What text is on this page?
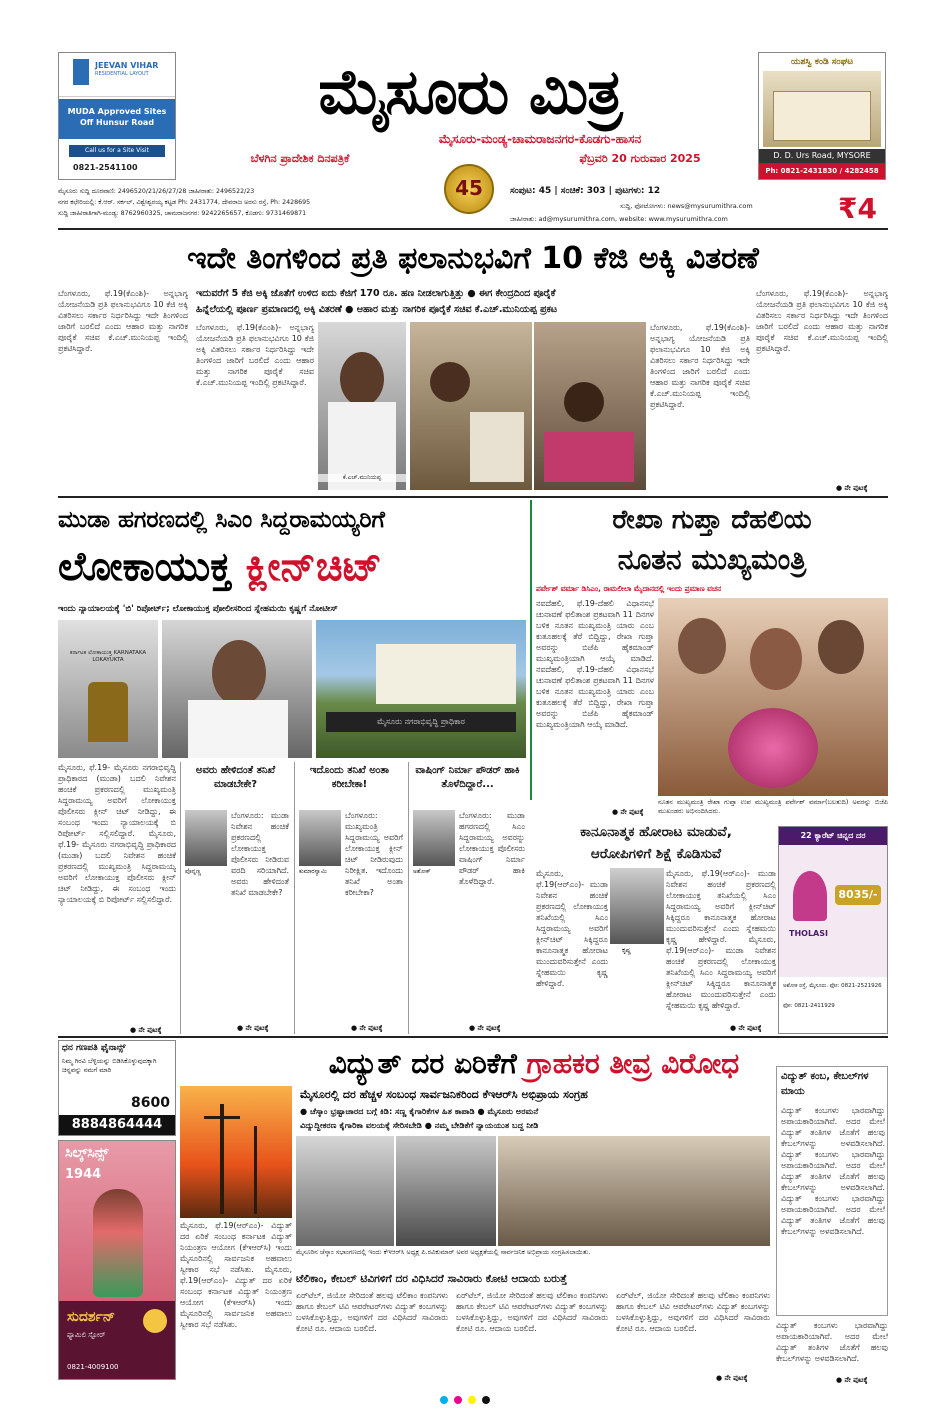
JEEVAN VIHAR
RESIDENTIAL LAYOUT
MUDA Approved Sites
Off Hunsur Road
Call us for a Site Visit
0821-2541100
ಮೈಸೂರು ಮಿತ್ರ
ಮೈಸೂರು-ಮಂಡ್ಯ-ಚಾಮರಾಜನಗರ-ಕೊಡಗು-ಹಾಸನ
ಬೆಳಗಿನ ಪ್ರಾದೇಶಿಕ ದಿನಪತ್ರಿಕೆ	ಫೆಬ್ರವರಿ 20 ಗುರುವಾರ 2025
45
ಯಶಸ್ವಿ ಕಂಡಿ ಸಂಘಟ
D. D. Urs Road, MYSORE
Ph: 0821-2431830 / 4282458
ಮೈಸೂರು ಸುದ್ದಿ ದೂರವಾಣಿ: 2496520/21/26/27/28 ಜಾಹೀರಾತು: 2496522/23
ನಗರ ಕಛೇರಿಯಲ್ಲಿ: ಕೆ.ಆರ್. ಸರ್ಕಲ್, ವಿಶ್ವೇಶ್ವರಯ್ಯ ಕಟ್ಟಡ Ph: 2431774, ದೇವರಾಜ ಅರಸು ರಸ್ತೆ, Ph: 2428695
ಸುದ್ದಿ ಜಾಹೀರಾತಿಗಾಗಿ-ಮಂಡ್ಯ: 8762960325, ಚಾಮರಾಜನಗರ: 9242265657, ಕೊಡಗು: 9731469871
ಸಂಪುಟ: 45 | ಸಂಚಿಕೆ: 303 | ಪುಟಗಳು: 12
ಸುದ್ದಿ, ಫೋಟೋಗಳು: news@mysurumithra.com
ಜಾಹೀರಾತು: ad@mysurumithra.com, website: www.mysurumithra.com	₹4
ಇದೇ ತಿಂಗಳಿಂದ ಪ್ರತಿ ಫಲಾನುಭವಿಗೆ 10 ಕೆಜಿ ಅಕ್ಕಿ ವಿತರಣೆ
ಇದುವರೆಗೆ 5 ಕೆಜಿ ಅಕ್ಕಿ ಜೊತೆಗೆ ಉಳಿದ ಐದು ಕೆಜಿಗೆ 170 ರೂ. ಹಣ ನೀಡಲಾಗುತ್ತಿತ್ತು ● ಈಗ ಕೇಂದ್ರದಿಂದ ಪೂರೈಕೆ
ಹಿನ್ನೆಲೆಯಲ್ಲಿ ಪೂರ್ಣ ಪ್ರಮಾಣದಲ್ಲಿ ಅಕ್ಕಿ ವಿತರಣೆ ● ಆಹಾರ ಮತ್ತು ನಾಗರಿಕ ಪೂರೈಕೆ ಸಚಿವ ಕೆ.ಎಚ್.ಮುನಿಯಪ್ಪ ಪ್ರಕಟ
ಬೆಂಗಳೂರು, ಫೆ.19(ಕೆಎಂಶಿ)- ಅನ್ನಭಾಗ್ಯ ಯೋಜನೆಯಡಿ ಪ್ರತಿ ಫಲಾನುಭವಿಗೂ 10 ಕೆಜಿ ಅಕ್ಕಿ ವಿತರಿಸಲು ಸರ್ಕಾರ ನಿರ್ಧರಿಸಿದ್ದು ಇದೇ ತಿಂಗಳಿಂದ ಜಾರಿಗೆ ಬರಲಿದೆ ಎಂದು ಆಹಾರ ಮತ್ತು ನಾಗರಿಕ ಪೂರೈಕೆ ಸಚಿವ ಕೆ.ಎಚ್.ಮುನಿಯಪ್ಪ ಇಂದಿಲ್ಲಿ ಪ್ರಕಟಿಸಿದ್ದಾರೆ.
ಬೆಂಗಳೂರು, ಫೆ.19(ಕೆಎಂಶಿ)- ಅನ್ನಭಾಗ್ಯ ಯೋಜನೆಯಡಿ ಪ್ರತಿ ಫಲಾನುಭವಿಗೂ 10 ಕೆಜಿ ಅಕ್ಕಿ ವಿತರಿಸಲು ಸರ್ಕಾರ ನಿರ್ಧರಿಸಿದ್ದು ಇದೇ ತಿಂಗಳಿಂದ ಜಾರಿಗೆ ಬರಲಿದೆ ಎಂದು ಆಹಾರ ಮತ್ತು ನಾಗರಿಕ ಪೂರೈಕೆ ಸಚಿವ ಕೆ.ಎಚ್.ಮುನಿಯಪ್ಪ ಇಂದಿಲ್ಲಿ ಪ್ರಕಟಿಸಿದ್ದಾರೆ.
ಕೆ.ಎಚ್.ಮುನಿಯಪ್ಪ
ಬೆಂಗಳೂರು, ಫೆ.19(ಕೆಎಂಶಿ)- ಅನ್ನಭಾಗ್ಯ ಯೋಜನೆಯಡಿ ಪ್ರತಿ ಫಲಾನುಭವಿಗೂ 10 ಕೆಜಿ ಅಕ್ಕಿ ವಿತರಿಸಲು ಸರ್ಕಾರ ನಿರ್ಧರಿಸಿದ್ದು ಇದೇ ತಿಂಗಳಿಂದ ಜಾರಿಗೆ ಬರಲಿದೆ ಎಂದು ಆಹಾರ ಮತ್ತು ನಾಗರಿಕ ಪೂರೈಕೆ ಸಚಿವ ಕೆ.ಎಚ್.ಮುನಿಯಪ್ಪ ಇಂದಿಲ್ಲಿ ಪ್ರಕಟಿಸಿದ್ದಾರೆ.
ಬೆಂಗಳೂರು, ಫೆ.19(ಕೆಎಂಶಿ)- ಅನ್ನಭಾಗ್ಯ ಯೋಜನೆಯಡಿ ಪ್ರತಿ ಫಲಾನುಭವಿಗೂ 10 ಕೆಜಿ ಅಕ್ಕಿ ವಿತರಿಸಲು ಸರ್ಕಾರ ನಿರ್ಧರಿಸಿದ್ದು ಇದೇ ತಿಂಗಳಿಂದ ಜಾರಿಗೆ ಬರಲಿದೆ ಎಂದು ಆಹಾರ ಮತ್ತು ನಾಗರಿಕ ಪೂರೈಕೆ ಸಚಿವ ಕೆ.ಎಚ್.ಮುನಿಯಪ್ಪ ಇಂದಿಲ್ಲಿ ಪ್ರಕಟಿಸಿದ್ದಾರೆ.
● ನೇ ಪುಟಕ್ಕೆ
ಮುಡಾ ಹಗರಣದಲ್ಲಿ ಸಿಎಂ ಸಿದ್ದರಾಮಯ್ಯರಿಗೆ
ಲೋಕಾಯುಕ್ತ ಕ್ಲೀನ್‌ಚಿಟ್
ಇಂದು ನ್ಯಾಯಾಲಯಕ್ಕೆ 'ಬಿ' ರಿಪೋರ್ಟ್; ಲೋಕಾಯುಕ್ತ ಪೋಲೀಸರಿಂದ ಸ್ನೇಹಮಯಿ ಕೃಷ್ಣಗೆ ನೋಟೀಸ್
ಕರ್ನಾಟಕ ಲೋಕಾಯುಕ್ತ KARNATAKA LOKAYUKTA
ಮೈಸೂರು ನಗರಾಭಿವೃದ್ಧಿ ಪ್ರಾಧಿಕಾರ
ಮೈಸೂರು, ಫೆ.19- ಮೈಸೂರು ನಗರಾಭಿವೃದ್ಧಿ ಪ್ರಾಧಿಕಾರದ (ಮುಡಾ) ಬದಲಿ ನಿವೇಶನ ಹಂಚಿಕೆ ಪ್ರಕರಣದಲ್ಲಿ ಮುಖ್ಯಮಂತ್ರಿ ಸಿದ್ದರಾಮಯ್ಯ ಅವರಿಗೆ ಲೋಕಾಯುಕ್ತ ಪೊಲೀಸರು ಕ್ಲೀನ್ ಚಿಟ್ ನೀಡಿದ್ದು, ಈ ಸಂಬಂಧ ಇಂದು ನ್ಯಾಯಾಲಯಕ್ಕೆ ಬಿ ರಿಪೋರ್ಟ್ ಸಲ್ಲಿಸಲಿದ್ದಾರೆ. ಮೈಸೂರು, ಫೆ.19- ಮೈಸೂರು ನಗರಾಭಿವೃದ್ಧಿ ಪ್ರಾಧಿಕಾರದ (ಮುಡಾ) ಬದಲಿ ನಿವೇಶನ ಹಂಚಿಕೆ ಪ್ರಕರಣದಲ್ಲಿ ಮುಖ್ಯಮಂತ್ರಿ ಸಿದ್ದರಾಮಯ್ಯ ಅವರಿಗೆ ಲೋಕಾಯುಕ್ತ ಪೊಲೀಸರು ಕ್ಲೀನ್ ಚಿಟ್ ನೀಡಿದ್ದು, ಈ ಸಂಬಂಧ ಇಂದು ನ್ಯಾಯಾಲಯಕ್ಕೆ ಬಿ ರಿಪೋರ್ಟ್ ಸಲ್ಲಿಸಲಿದ್ದಾರೆ.
● ನೇ ಪುಟಕ್ಕೆ
ಅವರು ಹೇಳಿದಂತೆ ತನಿಖೆ ಮಾಡಬೇಕೇ?
ಪೊನ್ನಣ್ಣ
ಬೆಂಗಳೂರು: ಮುಡಾ ನಿವೇಶನ ಹಂಚಿಕೆ ಪ್ರಕರಣದಲ್ಲಿ ಲೋಕಾಯುಕ್ತ ಪೊಲೀಸರು ನೀಡಿರುವ ವರದಿ ಸರಿಯಾಗಿದೆ. ಅವರು ಹೇಳಿದಂತೆ ತನಿಖೆ ಮಾಡಬೇಕೇ?
● ನೇ ಪುಟಕ್ಕೆ
ಇದೊಂದು ತನಿಖೆ ಅಂತಾ ಕರೀಬೇಕಾ!
ಕುಮಾರಸ್ವಾಮಿ
ಬೆಂಗಳೂರು: ಮುಖ್ಯಮಂತ್ರಿ ಸಿದ್ದರಾಮಯ್ಯ ಅವರಿಗೆ ಲೋಕಾಯುಕ್ತ ಕ್ಲೀನ್ ಚಿಟ್ ನೀಡಿರುವುದು ನಿರೀಕ್ಷಿತ. ಇದೊಂದು ತನಿಖೆ ಅಂತಾ ಕರೀಬೇಕಾ?
● ನೇ ಪುಟಕ್ಕೆ
ವಾಷಿಂಗ್ ನಿರ್ಮಾ ಪೌಡರ್ ಹಾಕಿ ತೊಳೆದಿದ್ದಾರೆ...
ಅಶೋಕ್
ಬೆಂಗಳೂರು: ಮುಡಾ ಹಗರಣದಲ್ಲಿ ಸಿಎಂ ಸಿದ್ದರಾಮಯ್ಯ ಅವರನ್ನು ಲೋಕಾಯುಕ್ತ ಪೊಲೀಸರು ವಾಷಿಂಗ್ ನಿರ್ಮಾ ಪೌಡರ್ ಹಾಕಿ ತೊಳೆದಿದ್ದಾರೆ.
● ನೇ ಪುಟಕ್ಕೆ
ರೇಖಾ ಗುಪ್ತಾ ದೆಹಲಿಯ
ನೂತನ ಮುಖ್ಯಮಂತ್ರಿ
ಪರ್ವೇಶ್ ವರ್ಮಾ ಡಿಸಿಎಂ, ರಾಮಲೀಲಾ ಮೈದಾನದಲ್ಲಿ ಇಂದು ಪ್ರಮಾಣ ವಚನ
ನವದೆಹಲಿ, ಫೆ.19-ದೆಹಲಿ ವಿಧಾನಸಭೆ ಚುನಾವಣೆ ಫಲಿತಾಂಶ ಪ್ರಕಟವಾಗಿ 11 ದಿನಗಳ ಬಳಿಕ ನೂತನ ಮುಖ್ಯಮಂತ್ರಿ ಯಾರು ಎಂಬ ಕುತೂಹಲಕ್ಕೆ ತೆರೆ ಬಿದ್ದಿದ್ದು, ರೇಖಾ ಗುಪ್ತಾ ಅವರನ್ನು ಬಿಜೆಪಿ ಹೈಕಮಾಂಡ್ ಮುಖ್ಯಮಂತ್ರಿಯಾಗಿ ಆಯ್ಕೆ ಮಾಡಿದೆ. ನವದೆಹಲಿ, ಫೆ.19-ದೆಹಲಿ ವಿಧಾನಸಭೆ ಚುನಾವಣೆ ಫಲಿತಾಂಶ ಪ್ರಕಟವಾಗಿ 11 ದಿನಗಳ ಬಳಿಕ ನೂತನ ಮುಖ್ಯಮಂತ್ರಿ ಯಾರು ಎಂಬ ಕುತೂಹಲಕ್ಕೆ ತೆರೆ ಬಿದ್ದಿದ್ದು, ರೇಖಾ ಗುಪ್ತಾ ಅವರನ್ನು ಬಿಜೆಪಿ ಹೈಕಮಾಂಡ್ ಮುಖ್ಯಮಂತ್ರಿಯಾಗಿ ಆಯ್ಕೆ ಮಾಡಿದೆ.
ನೂತನ ಮುಖ್ಯಮಂತ್ರಿ ರೇಖಾ ಗುಪ್ತಾ ಉಪ ಮುಖ್ಯಮಂತ್ರಿ ಪರ್ವೇಶ್ ವರ್ಮಾ(ಬಲತುದಿ) ಅವರನ್ನು ಬಿಜೆಪಿ ಮುಖಂಡರು ಅಭಿನಂದಿಸಿದರು.
● ನೇ ಪುಟಕ್ಕೆ
ಕಾನೂನಾತ್ಮಕ ಹೋರಾಟ ಮಾಡುವೆ,
ಆರೋಪಿಗಳಿಗೆ ಶಿಕ್ಷೆ ಕೊಡಿಸುವೆ
ಮೈಸೂರು, ಫೆ.19(ಆರ್‌ಎಂ)- ಮುಡಾ ನಿವೇಶನ ಹಂಚಿಕೆ ಪ್ರಕರಣದಲ್ಲಿ ಲೋಕಾಯುಕ್ತ ತನಿಖೆಯಲ್ಲಿ ಸಿಎಂ ಸಿದ್ದರಾಮಯ್ಯ ಅವರಿಗೆ ಕ್ಲೀನ್‌ಚಿಟ್ ಸಿಕ್ಕಿದ್ದರೂ ಕಾನೂನಾತ್ಮಕ ಹೋರಾಟ ಮುಂದುವರಿಸುತ್ತೇನೆ ಎಂದು ಸ್ನೇಹಮಯಿ ಕೃಷ್ಣ ಹೇಳಿದ್ದಾರೆ.
ಕೃಷ್ಣ
ಮೈಸೂರು, ಫೆ.19(ಆರ್‌ಎಂ)- ಮುಡಾ ನಿವೇಶನ ಹಂಚಿಕೆ ಪ್ರಕರಣದಲ್ಲಿ ಲೋಕಾಯುಕ್ತ ತನಿಖೆಯಲ್ಲಿ ಸಿಎಂ ಸಿದ್ದರಾಮಯ್ಯ ಅವರಿಗೆ ಕ್ಲೀನ್‌ಚಿಟ್ ಸಿಕ್ಕಿದ್ದರೂ ಕಾನೂನಾತ್ಮಕ ಹೋರಾಟ ಮುಂದುವರಿಸುತ್ತೇನೆ ಎಂದು ಸ್ನೇಹಮಯಿ ಕೃಷ್ಣ ಹೇಳಿದ್ದಾರೆ.	ಮೈಸೂರು, ಫೆ.19(ಆರ್‌ಎಂ)- ಮುಡಾ ನಿವೇಶನ ಹಂಚಿಕೆ ಪ್ರಕರಣದಲ್ಲಿ ಲೋಕಾಯುಕ್ತ ತನಿಖೆಯಲ್ಲಿ ಸಿಎಂ ಸಿದ್ದರಾಮಯ್ಯ ಅವರಿಗೆ ಕ್ಲೀನ್‌ಚಿಟ್ ಸಿಕ್ಕಿದ್ದರೂ ಕಾನೂನಾತ್ಮಕ ಹೋರಾಟ ಮುಂದುವರಿಸುತ್ತೇನೆ ಎಂದು ಸ್ನೇಹಮಯಿ ಕೃಷ್ಣ ಹೇಳಿದ್ದಾರೆ.
● ನೇ ಪುಟಕ್ಕೆ
22 ಕ್ಯಾರೆಟ್ ಚಿನ್ನದ ದರ
THOLASI
8035/-
ಅಶೋಕ ರಸ್ತೆ, ಮೈಸೂರು. ಫೋ: 0821-2521926
ಫೋ: 0821-2411929
ಧನ ಗಣಪತಿ ಫೈನಾನ್ಸ್
ನಿಮ್ಮ ಗಿರವಿ ಬೆಳ್ಳಿಯನ್ನು ಬಿಡಿಸಿಕೊಳ್ಳುವುದಕ್ಕಾಗಿ ಚಿನ್ನವನ್ನು ನಮಗೆ ಮಾರಿ
8600
8884864444
ಸಿಲ್ಕ್‌ಸಿನ್ಸ್
1944
ಸುದರ್ಶನ್
ಫ್ಯಾಮಿಲಿ ಸ್ಟೋರ್
0821-4009100
ವಿದ್ಯುತ್ ದರ ಏರಿಕೆಗೆ ಗ್ರಾಹಕರ ತೀವ್ರ ವಿರೋಧ
ಮೈಸೂರಲ್ಲಿ ದರ ಹೆಚ್ಚಳ ಸಂಬಂಧ ಸಾರ್ವಜನಿಕರಿಂದ ಕೆಇಆರ್‌ಸಿ ಅಭಿಪ್ರಾಯ ಸಂಗ್ರಹ
● ಚೆಸ್ಕಾಂ ಭ್ರಷ್ಟಾಚಾರದ ಬಗ್ಗೆ ಕಿಡಿ: ಸಣ್ಣ ಕೈಗಾರಿಕೆಗಳ ಹಿತ ಕಾಪಾಡಿ ● ಮೈಸೂರು ಅರಮನೆ
ವಿದ್ಯುದ್ದೀಕರಣ ಕೈಗಾರಿಕಾ ವಲಯಕ್ಕೆ ಸೇರಿಸಬೇಡಿ ● ನಮ್ಮ ಬೇಡಿಕೆಗೆ ನ್ಯಾಯಯುತ ಬದ್ಧ ನೀಡಿ
ಮೈಸೂರು, ಫೆ.19(ಆರ್‌ಎಂ)- ವಿದ್ಯುತ್ ದರ ಏರಿಕೆ ಸಂಬಂಧ ಕರ್ನಾಟಕ ವಿದ್ಯುತ್ ನಿಯಂತ್ರಣ ಆಯೋಗ (ಕೆಇಆರ್‌ಸಿ) ಇಂದು ಮೈಸೂರಿನಲ್ಲಿ ಸಾರ್ವಜನಿಕ ಅಹವಾಲು ಸ್ವೀಕಾರ ಸಭೆ ನಡೆಸಿತು. ಮೈಸೂರು, ಫೆ.19(ಆರ್‌ಎಂ)- ವಿದ್ಯುತ್ ದರ ಏರಿಕೆ ಸಂಬಂಧ ಕರ್ನಾಟಕ ವಿದ್ಯುತ್ ನಿಯಂತ್ರಣ ಆಯೋಗ (ಕೆಇಆರ್‌ಸಿ) ಇಂದು ಮೈಸೂರಿನಲ್ಲಿ ಸಾರ್ವಜನಿಕ ಅಹವಾಲು ಸ್ವೀಕಾರ ಸಭೆ ನಡೆಸಿತು.
ಮೈಸೂರಿನ ಚೆಸ್ಕಾಂ ಸಭಾಂಗಣದಲ್ಲಿ ಇಂದು ಕೆಇಆರ್‌ಸಿ ಅಧ್ಯಕ್ಷ ಪಿ.ರವಿಕುಮಾರ್ ಅವರ ಅಧ್ಯಕ್ಷತೆಯಲ್ಲಿ ಸಾರ್ವಜನಿಕ ಅಭಿಪ್ರಾಯ ಸಂಗ್ರಹಿಸಲಾಯಿತು.
ಟೆಲಿಕಾಂ, ಕೇಬಲ್ ಟಿವಿಗಳಿಗೆ ದರ ವಿಧಿಸಿದರೆ ಸಾವಿರಾರು ಕೋಟಿ ಆದಾಯ ಬರುತ್ತೆ
ಏರ್‌ಟೆಲ್, ಜಿಯೋ ಸೇರಿದಂತೆ ಹಲವು ಟೆಲಿಕಾಂ ಕಂಪನಿಗಳು ಹಾಗೂ ಕೇಬಲ್ ಟಿವಿ ಆಪರೇಟರ್‌ಗಳು ವಿದ್ಯುತ್ ಕಂಬಗಳನ್ನು ಬಳಸಿಕೊಳ್ಳುತ್ತಿದ್ದು, ಅವುಗಳಿಗೆ ದರ ವಿಧಿಸಿದರೆ ಸಾವಿರಾರು ಕೋಟಿ ರೂ. ಆದಾಯ ಬರಲಿದೆ.
ಏರ್‌ಟೆಲ್, ಜಿಯೋ ಸೇರಿದಂತೆ ಹಲವು ಟೆಲಿಕಾಂ ಕಂಪನಿಗಳು ಹಾಗೂ ಕೇಬಲ್ ಟಿವಿ ಆಪರೇಟರ್‌ಗಳು ವಿದ್ಯುತ್ ಕಂಬಗಳನ್ನು ಬಳಸಿಕೊಳ್ಳುತ್ತಿದ್ದು, ಅವುಗಳಿಗೆ ದರ ವಿಧಿಸಿದರೆ ಸಾವಿರಾರು ಕೋಟಿ ರೂ. ಆದಾಯ ಬರಲಿದೆ.
ಏರ್‌ಟೆಲ್, ಜಿಯೋ ಸೇರಿದಂತೆ ಹಲವು ಟೆಲಿಕಾಂ ಕಂಪನಿಗಳು ಹಾಗೂ ಕೇಬಲ್ ಟಿವಿ ಆಪರೇಟರ್‌ಗಳು ವಿದ್ಯುತ್ ಕಂಬಗಳನ್ನು ಬಳಸಿಕೊಳ್ಳುತ್ತಿದ್ದು, ಅವುಗಳಿಗೆ ದರ ವಿಧಿಸಿದರೆ ಸಾವಿರಾರು ಕೋಟಿ ರೂ. ಆದಾಯ ಬರಲಿದೆ.
● ನೇ ಪುಟಕ್ಕೆ
ವಿದ್ಯುತ್ ಕಂಬ, ಕೇಬಲ್‌ಗಳ ಮಾಯ
ವಿದ್ಯುತ್ ಕಂಬಗಳು ಭಾರವಾಗಿದ್ದು ಅಪಾಯಕಾರಿಯಾಗಿವೆ. ಅದರ ಮೇಲೆ ವಿದ್ಯುತ್ ತಂತಿಗಳ ಜೊತೆಗೆ ಹಲವು ಕೇಬಲ್‌ಗಳನ್ನು ಅಳವಡಿಸಲಾಗಿದೆ. ವಿದ್ಯುತ್ ಕಂಬಗಳು ಭಾರವಾಗಿದ್ದು ಅಪಾಯಕಾರಿಯಾಗಿವೆ. ಅದರ ಮೇಲೆ ವಿದ್ಯುತ್ ತಂತಿಗಳ ಜೊತೆಗೆ ಹಲವು ಕೇಬಲ್‌ಗಳನ್ನು ಅಳವಡಿಸಲಾಗಿದೆ. ವಿದ್ಯುತ್ ಕಂಬಗಳು ಭಾರವಾಗಿದ್ದು ಅಪಾಯಕಾರಿಯಾಗಿವೆ. ಅದರ ಮೇಲೆ ವಿದ್ಯುತ್ ತಂತಿಗಳ ಜೊತೆಗೆ ಹಲವು ಕೇಬಲ್‌ಗಳನ್ನು ಅಳವಡಿಸಲಾಗಿದೆ.
ವಿದ್ಯುತ್ ಕಂಬಗಳು ಭಾರವಾಗಿದ್ದು ಅಪಾಯಕಾರಿಯಾಗಿವೆ. ಅದರ ಮೇಲೆ ವಿದ್ಯುತ್ ತಂತಿಗಳ ಜೊತೆಗೆ ಹಲವು ಕೇಬಲ್‌ಗಳನ್ನು ಅಳವಡಿಸಲಾಗಿದೆ.
● ನೇ ಪುಟಕ್ಕೆ
